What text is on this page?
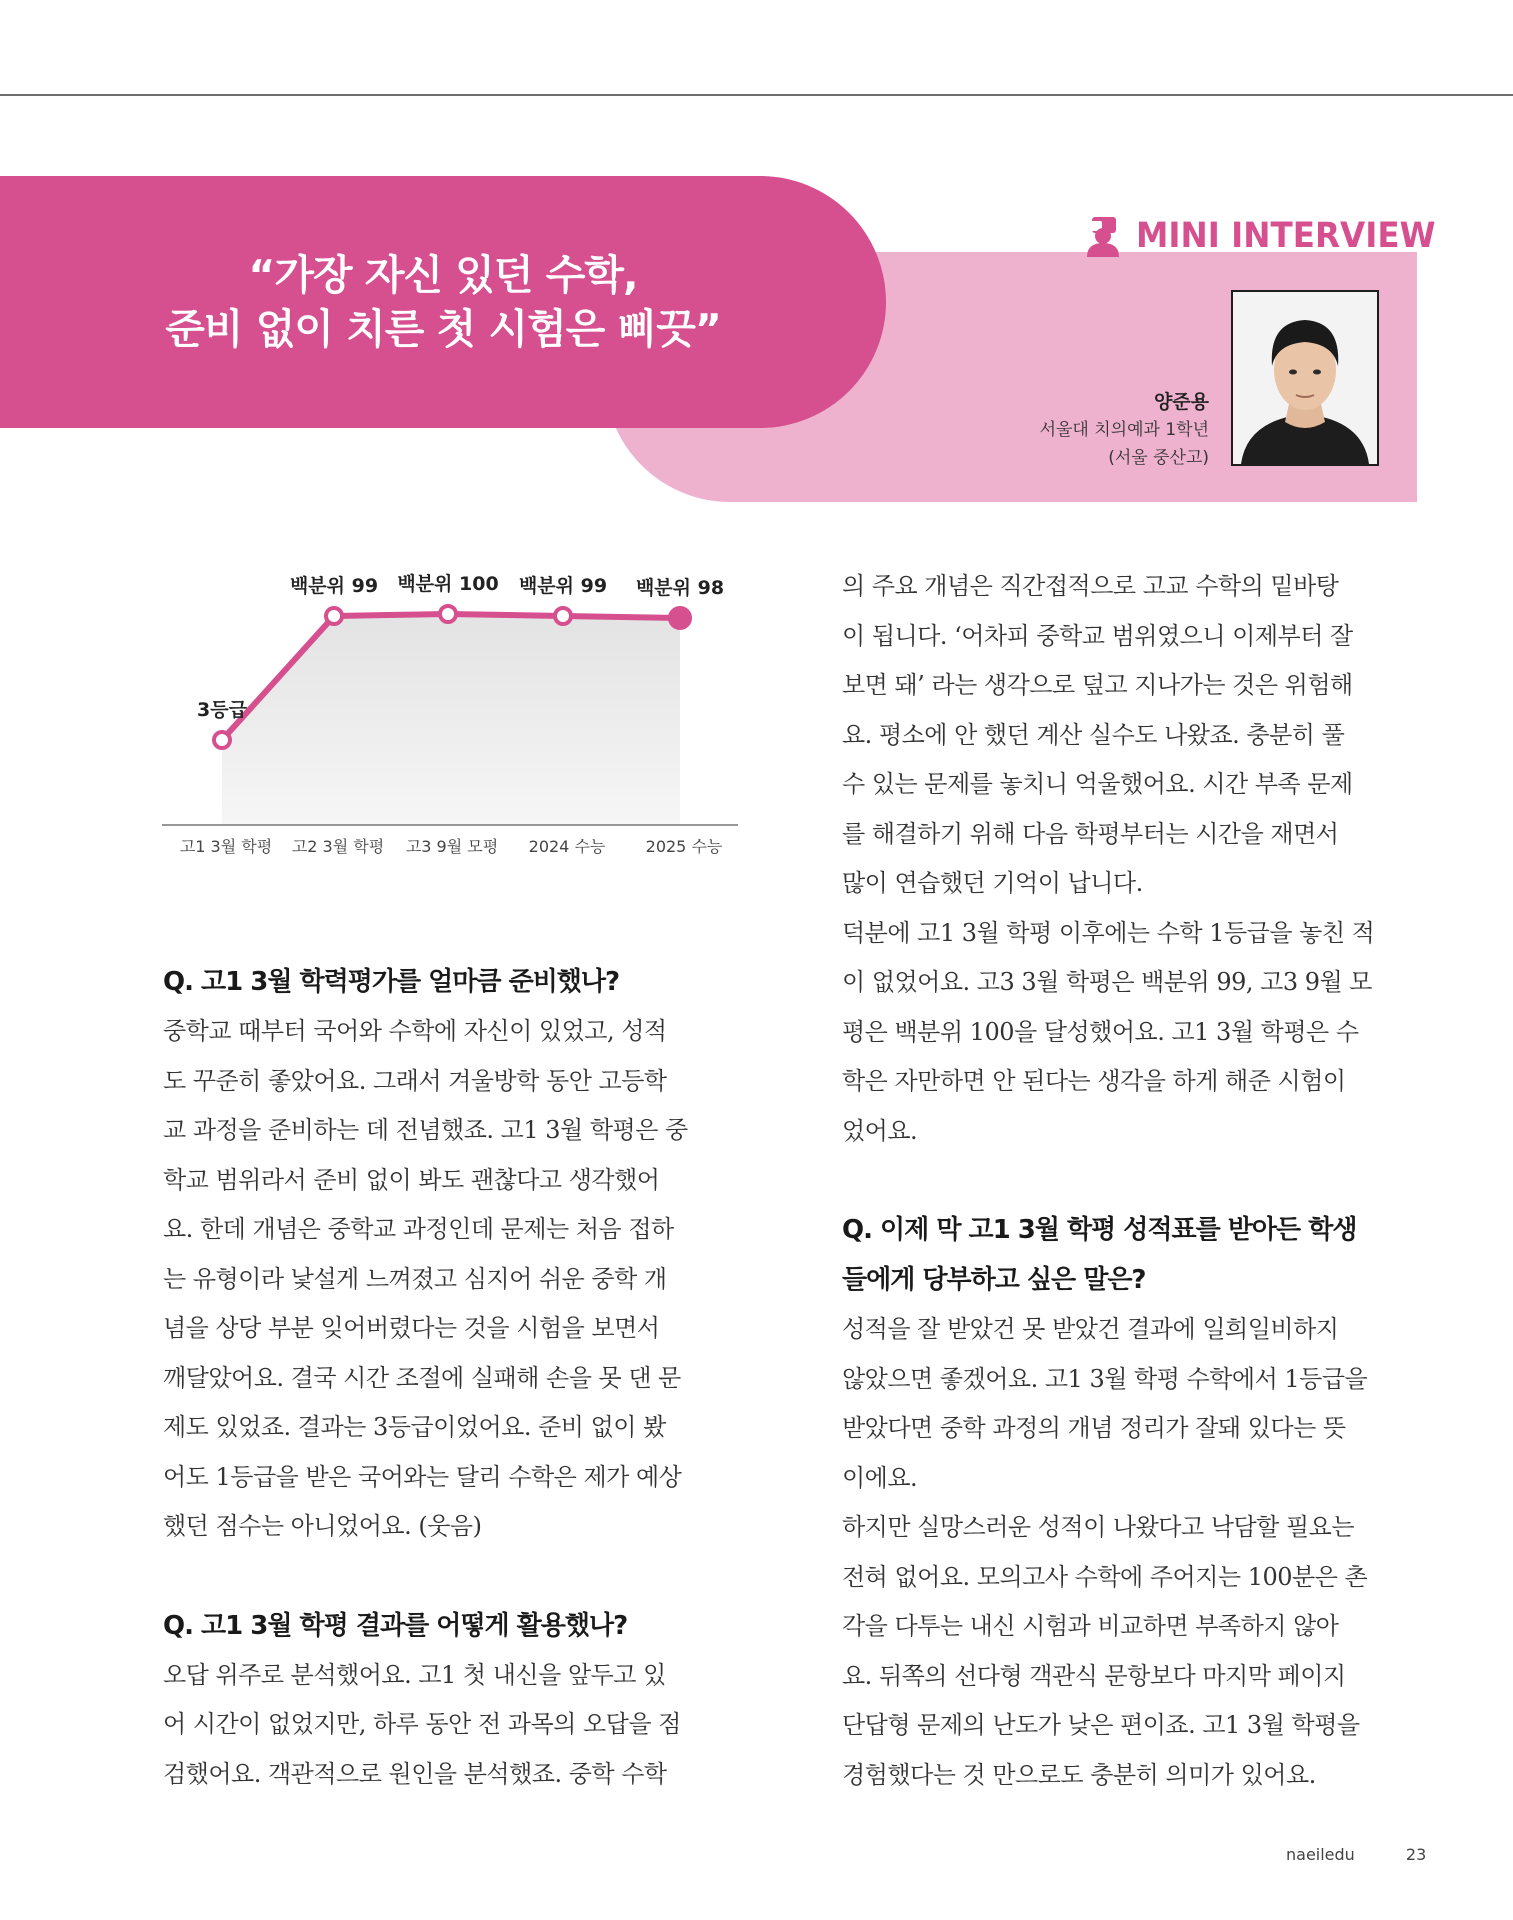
“가장 자신 있던 수학,
준비 없이 치른 첫 시험은 삐끗”
MINI INTERVIEW
양준용
서울대 치의예과 1학년
(서울 중산고)
3등급
백분위 99 백분위 100 백분위 99 백분위 98
고1 3월 학평 고2 3월 학평 고3 9월 모평 2024 수능	2025 수능
Q. 고1 3월 학력평가를 얼마큼 준비했나?
중학교 때부터 국어와 수학에 자신이 있었고, 성적
도 꾸준히 좋았어요. 그래서 겨울방학 동안 고등학
교 과정을 준비하는 데 전념했죠. 고1 3월 학평은 중
학교 범위라서 준비 없이 봐도 괜찮다고 생각했어
요. 한데 개념은 중학교 과정인데 문제는 처음 접하
는 유형이라 낯설게 느껴졌고 심지어 쉬운 중학 개
념을 상당 부분 잊어버렸다는 것을 시험을 보면서
깨달았어요. 결국 시간 조절에 실패해 손을 못 댄 문
제도 있었죠. 결과는 3등급이었어요. 준비 없이 봤
어도 1등급을 받은 국어와는 달리 수학은 제가 예상
했던 점수는 아니었어요. (웃음)
Q. 고1 3월 학평 결과를 어떻게 활용했나?
오답 위주로 분석했어요. 고1 첫 내신을 앞두고 있
어 시간이 없었지만, 하루 동안 전 과목의 오답을 점
검했어요. 객관적으로 원인을 분석했죠. 중학 수학
의 주요 개념은 직간접적으로 고교 수학의 밑바탕
이 됩니다. ‘어차피 중학교 범위였으니 이제부터 잘
보면 돼’ 라는 생각으로 덮고 지나가는 것은 위험해
요. 평소에 안 했던 계산 실수도 나왔죠. 충분히 풀
수 있는 문제를 놓치니 억울했어요. 시간 부족 문제
를 해결하기 위해 다음 학평부터는 시간을 재면서
많이 연습했던 기억이 납니다.
덕분에 고1 3월 학평 이후에는 수학 1등급을 놓친 적
이 없었어요. 고3 3월 학평은 백분위 99, 고3 9월 모
평은 백분위 100을 달성했어요. 고1 3월 학평은 수
학은 자만하면 안 된다는 생각을 하게 해준 시험이
었어요.
Q. 이제 막 고1 3월 학평 성적표를 받아든 학생
들에게 당부하고 싶은 말은?
성적을 잘 받았건 못 받았건 결과에 일희일비하지
않았으면 좋겠어요. 고1 3월 학평 수학에서 1등급을
받았다면 중학 과정의 개념 정리가 잘돼 있다는 뜻
이에요.
하지만 실망스러운 성적이 나왔다고 낙담할 필요는
전혀 없어요. 모의고사 수학에 주어지는 100분은 촌
각을 다투는 내신 시험과 비교하면 부족하지 않아
요. 뒤쪽의 선다형 객관식 문항보다 마지막 페이지
단답형 문제의 난도가 낮은 편이죠. 고1 3월 학평을
경험했다는 것 만으로도 충분히 의미가 있어요.
naeiledu	23
